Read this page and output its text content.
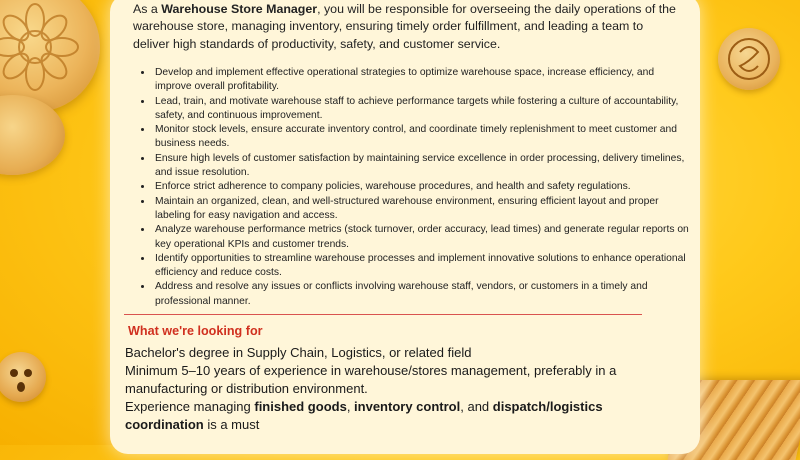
As a Warehouse Store Manager, you will be responsible for overseeing the daily operations of the warehouse store, managing inventory, ensuring timely order fulfillment, and leading a team to deliver high standards of productivity, safety, and customer service.
• Develop and implement effective operational strategies to optimize warehouse space, increase efficiency, and improve overall profitability.
• Lead, train, and motivate warehouse staff to achieve performance targets while fostering a culture of accountability, safety, and continuous improvement.
• Monitor stock levels, ensure accurate inventory control, and coordinate timely replenishment to meet customer and business needs.
• Ensure high levels of customer satisfaction by maintaining service excellence in order processing, delivery timelines, and issue resolution.
• Enforce strict adherence to company policies, warehouse procedures, and health and safety regulations.
• Maintain an organized, clean, and well-structured warehouse environment, ensuring efficient layout and proper labeling for easy navigation and access.
• Analyze warehouse performance metrics (stock turnover, order accuracy, lead times) and generate regular reports on key operational KPIs and customer trends.
• Identify opportunities to streamline warehouse processes and implement innovative solutions to enhance operational efficiency and reduce costs.
• Address and resolve any issues or conflicts involving warehouse staff, vendors, or customers in a timely and professional manner.
What we're looking for

Bachelor's degree in Supply Chain, Logistics, or related field

Minimum 5–10 years of experience in warehouse/stores management, preferably in a manufacturing or distribution environment.

Experience managing finished goods, inventory control, and dispatch/logistics coordination is a must
